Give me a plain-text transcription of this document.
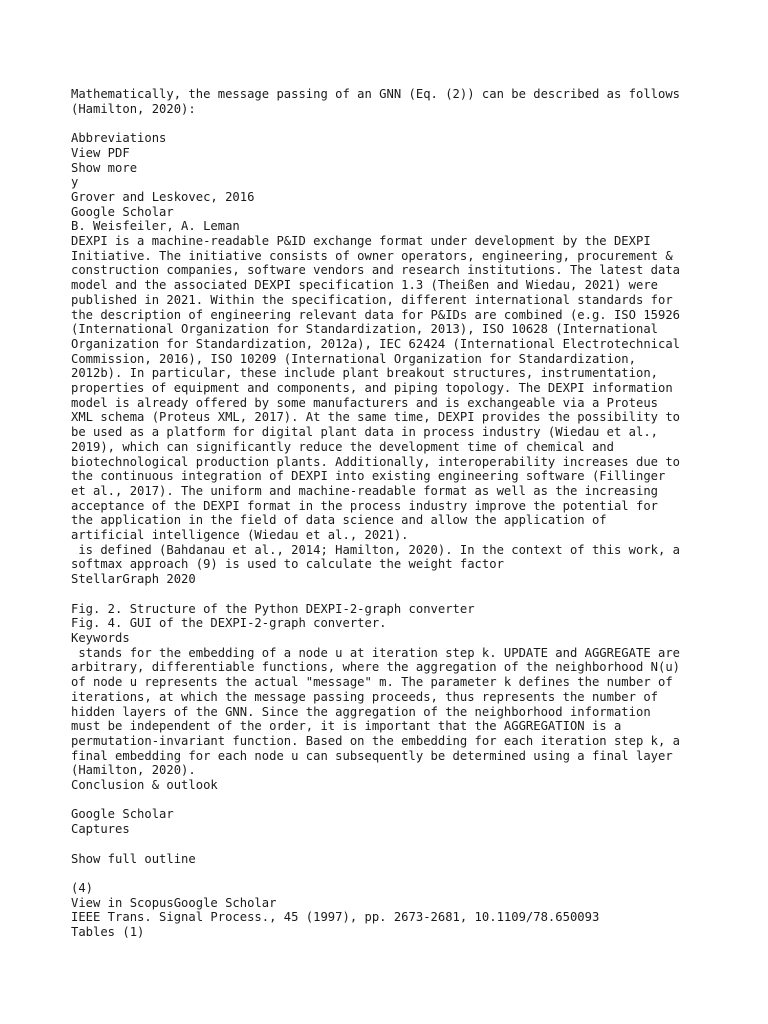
Mathematically, the message passing of an GNN (Eq. (2)) can be described as follows
(Hamilton, 2020):
Abbreviations
View PDF
Show more
y
Grover and Leskovec, 2016
Google Scholar
B. Weisfeiler, A. Leman
DEXPI is a machine-readable P&ID exchange format under development by the DEXPI
Initiative. The initiative consists of owner operators, engineering, procurement &
construction companies, software vendors and research institutions. The latest data
model and the associated DEXPI specification 1.3 (Theißen and Wiedau, 2021) were
published in 2021. Within the specification, different international standards for
the description of engineering relevant data for P&IDs are combined (e.g. ISO 15926
(International Organization for Standardization, 2013), ISO 10628 (International
Organization for Standardization, 2012a), IEC 62424 (International Electrotechnical
Commission, 2016), ISO 10209 (International Organization for Standardization,
2012b). In particular, these include plant breakout structures, instrumentation,
properties of equipment and components, and piping topology. The DEXPI information
model is already offered by some manufacturers and is exchangeable via a Proteus
XML schema (Proteus XML, 2017). At the same time, DEXPI provides the possibility to
be used as a platform for digital plant data in process industry (Wiedau et al.,
2019), which can significantly reduce the development time of chemical and
biotechnological production plants. Additionally, interoperability increases due to
the continuous integration of DEXPI into existing engineering software (Fillinger
et al., 2017). The uniform and machine-readable format as well as the increasing
acceptance of the DEXPI format in the process industry improve the potential for
the application in the field of data science and allow the application of
artificial intelligence (Wiedau et al., 2021).
is defined (Bahdanau et al., 2014; Hamilton, 2020). In the context of this work, a
softmax approach (9) is used to calculate the weight factor
StellarGraph 2020
Fig. 2. Structure of the Python DEXPI-2-graph converter
Fig. 4. GUI of the DEXPI-2-graph converter.
Keywords
stands for the embedding of a node u at iteration step k. UPDATE and AGGREGATE are
arbitrary, differentiable functions, where the aggregation of the neighborhood N(u)
of node u represents the actual "message" m. The parameter k defines the number of
iterations, at which the message passing proceeds, thus represents the number of
hidden layers of the GNN. Since the aggregation of the neighborhood information
must be independent of the order, it is important that the AGGREGATION is a
permutation-invariant function. Based on the embedding for each iteration step k, a
final embedding for each node u can subsequently be determined using a final layer
(Hamilton, 2020).
Conclusion & outlook
Google Scholar
Captures
Show full outline
(4)
View in ScopusGoogle Scholar
IEEE Trans. Signal Process., 45 (1997), pp. 2673-2681, 10.1109/78.650093
Tables (1)
